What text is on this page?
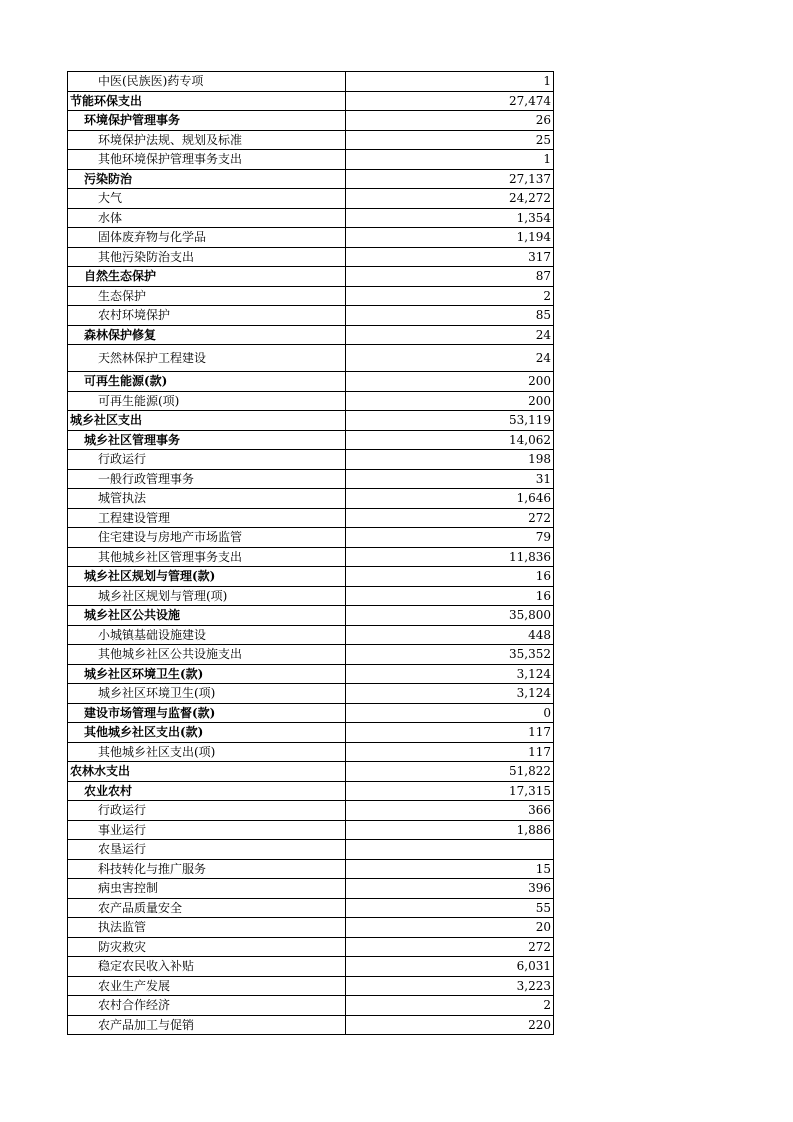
中医(民族医)药专项	1
节能环保支出	27,474
环境保护管理事务	26
环境保护法规、规划及标准	25
其他环境保护管理事务支出	1
污染防治	27,137
大气	24,272
水体	1,354
固体废弃物与化学品	1,194
其他污染防治支出	317
自然生态保护	87
生态保护	2
农村环境保护	85
森林保护修复	24
天然林保护工程建设	24
可再生能源(款)	200
可再生能源(项)	200
城乡社区支出	53,119
城乡社区管理事务	14,062
行政运行	198
一般行政管理事务	31
城管执法	1,646
工程建设管理	272
住宅建设与房地产市场监管	79
其他城乡社区管理事务支出	11,836
城乡社区规划与管理(款)	16
城乡社区规划与管理(项)	16
城乡社区公共设施	35,800
小城镇基础设施建设	448
其他城乡社区公共设施支出	35,352
城乡社区环境卫生(款)	3,124
城乡社区环境卫生(项)	3,124
建设市场管理与监督(款)	0
其他城乡社区支出(款)	117
其他城乡社区支出(项)	117
农林水支出	51,822
农业农村	17,315
行政运行	366
事业运行	1,886
农垦运行	
科技转化与推广服务	15
病虫害控制	396
农产品质量安全	55
执法监管	20
防灾救灾	272
稳定农民收入补贴	6,031
农业生产发展	3,223
农村合作经济	2
农产品加工与促销	220
